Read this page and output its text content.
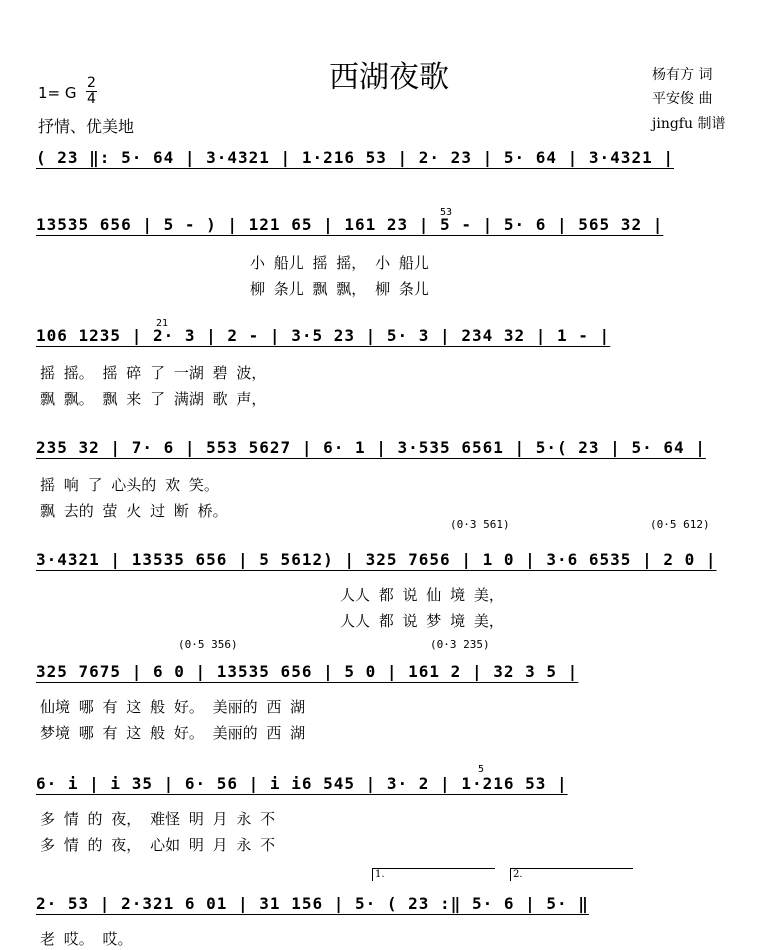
西湖夜歌
1= G
2
4
抒情、优美地
杨有方 词
平安俊 曲
jingfu 制谱
( 23 ‖: 5· 64 | 3·4321 | 1·216 53 | 2· 23 | 5· 64 | 3·4321 |
53
13535 656 | 5 - ) | 121 65 | 161 23 | 5 - | 5· 6 | 565 32 |
小 船儿 摇 摇， 小 船儿
柳 条儿 飘 飘， 柳 条儿
21
106 1235 | 2· 3 | 2 - | 3·5 23 | 5· 3 | 234 32 | 1 - |
摇 摇。 摇 碎 了 一湖 碧 波，
飘 飘。 飘 来 了 满湖 歌 声，
235 32 | 7· 6 | 553 5627 | 6· 1 | 3·535 6561 | 5·( 23 | 5· 64 |
摇 响 了 心头的 欢 笑。
飘 去的 萤 火 过 断 桥。
(0·3 561)	(0·5 612)
3·4321 | 13535 656 | 5 5612) | 325 7656 | 1 0 | 3·6 6535 | 2 0 |
人人 都 说 仙 境 美，
人人 都 说 梦 境 美，
(0·5 356)	(0·3 235)
325 7675 | 6 0 | 13535 656 | 5 0 | 161 2 | 32 3 5 |
仙境 哪 有 这 般 好。 美丽的 西 湖
梦境 哪 有 这 般 好。 美丽的 西 湖
5
6· i | i 35 | 6· 56 | i i6 545 | 3· 2 | 1·216 53 |
多 情 的 夜， 难怪 明 月 永 不
多 情 的 夜， 心如 明 月 永 不
1.	2.
2· 53 | 2·321 6 01 | 31 156 | 5· ( 23 :‖ 5· 6 | 5· ‖
老 哎。 哎。
